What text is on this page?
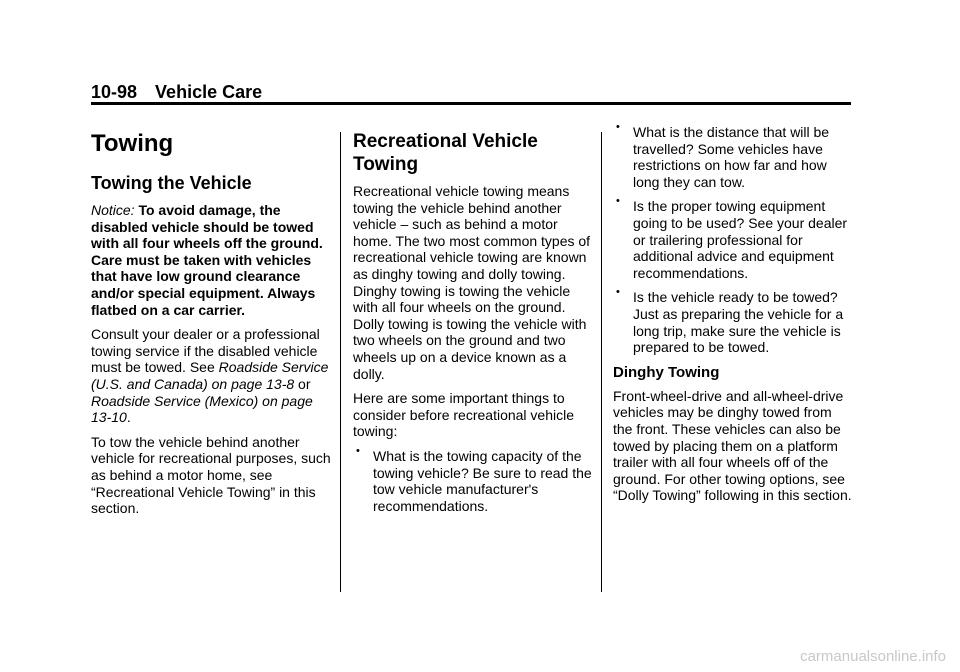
10-98 Vehicle Care
Towing
Towing the Vehicle

Notice: To avoid damage, the disabled vehicle should be towed with all four wheels off the ground. Care must be taken with vehicles that have low ground clearance and/or special equipment. Always flatbed on a car carrier.

Consult your dealer or a professional towing service if the disabled vehicle must be towed. See Roadside Service (U.S. and Canada) on page 13‑8 or Roadside Service (Mexico) on page 13‑10.

To tow the vehicle behind another vehicle for recreational purposes, such as behind a motor home, see “Recreational Vehicle Towing” in this section.

Recreational Vehicle Towing

Recreational vehicle towing means towing the vehicle behind another vehicle – such as behind a motor home. The two most common types of recreational vehicle towing are known as dinghy towing and dolly towing. Dinghy towing is towing the vehicle with all four wheels on the ground. Dolly towing is towing the vehicle with two wheels on the ground and two wheels up on a device known as a dolly.

Here are some important things to consider before recreational vehicle towing:

• What is the towing capacity of the towing vehicle? Be sure to read the tow vehicle manufacturer's recommendations.
• What is the distance that will be travelled? Some vehicles have restrictions on how far and how long they can tow.
• Is the proper towing equipment going to be used? See your dealer or trailering professional for additional advice and equipment recommendations.
• Is the vehicle ready to be towed? Just as preparing the vehicle for a long trip, make sure the vehicle is prepared to be towed.
Dinghy Towing

Front-wheel-drive and all-wheel-drive vehicles may be dinghy towed from the front. These vehicles can also be towed by placing them on a platform trailer with all four wheels off of the ground. For other towing options, see “Dolly Towing” following in this section.

carmanualsonline.info
